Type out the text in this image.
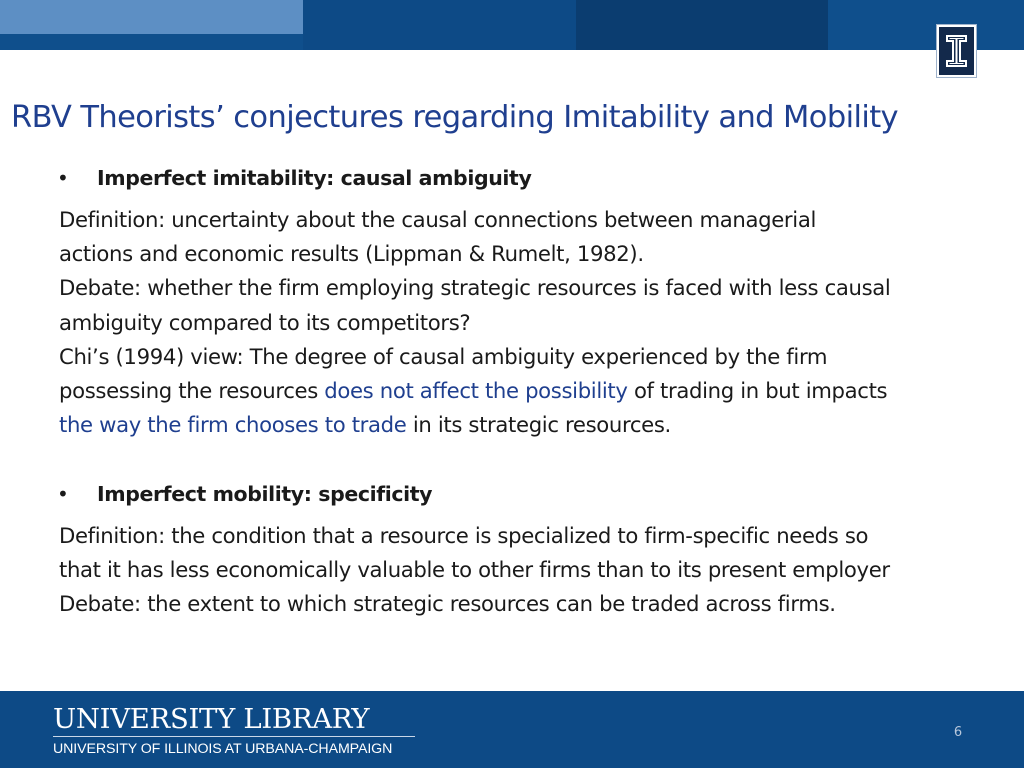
RBV Theorists’ conjectures regarding Imitability and Mobility
•	Imperfect imitability: causal ambiguity
Definition: uncertainty about the causal connections between managerial
actions and economic results (Lippman & Rumelt, 1982).
Debate: whether the firm employing strategic resources is faced with less causal
ambiguity compared to its competitors?
Chi’s (1994) view: The degree of causal ambiguity experienced by the firm
possessing the resources does not affect the possibility of trading in but impacts
the way the firm chooses to trade in its strategic resources.
•	Imperfect mobility: specificity
Definition: the condition that a resource is specialized to firm-specific needs so
that it has less economically valuable to other firms than to its present employer
Debate: the extent to which strategic resources can be traded across firms.
UNIVERSITY LIBRARY
UNIVERSITY OF ILLINOIS AT URBANA-CHAMPAIGN
6
